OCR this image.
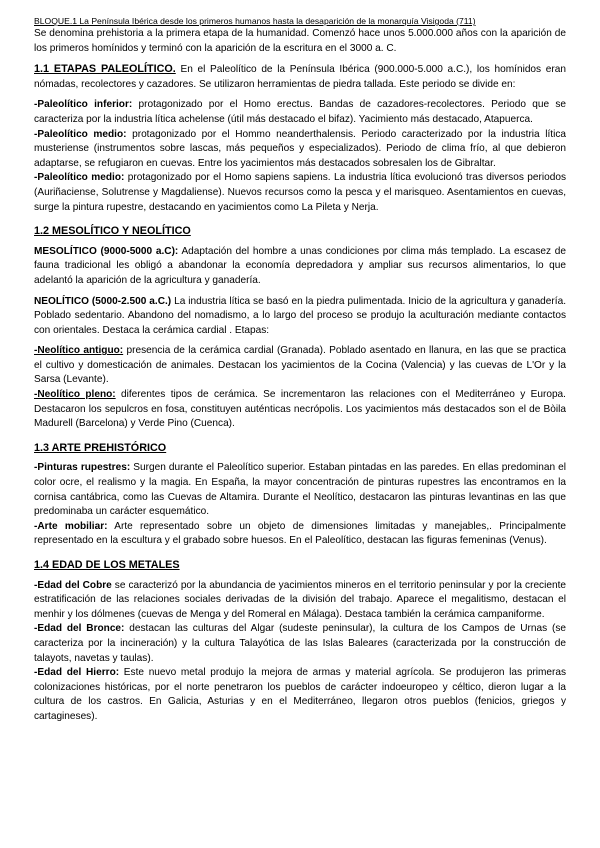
BLOQUE.1 La Península Ibérica desde los primeros humanos hasta la desaparición de la monarquía Visigoda (711)

Se denomina prehistoria a la primera etapa de la humanidad. Comenzó hace unos 5.000.000 años con la aparición de los primeros homínidos y terminó con la aparición de la escritura en el 3000 a. C.

1.1 ETAPAS PALEOLÍTICO. En el Paleolítico de la Península Ibérica (900.000-5.000 a.C.), los homínidos eran nómadas, recolectores y cazadores. Se utilizaron herramientas de piedra tallada. Este periodo se divide en:

-Paleolítico inferior: protagonizado por el Homo erectus. Bandas de cazadores-recolectores. Periodo que se caracteriza por la industria lítica achelense (útil más destacado el bifaz). Yacimiento más destacado, Atapuerca.

-Paleolítico medio: protagonizado por el Hommo neanderthalensis. Periodo caracterizado por la industria lítica musteriense (instrumentos sobre lascas, más pequeños y especializados). Periodo de clima frío, al que debieron adaptarse, se refugiaron en cuevas. Entre los yacimientos más destacados sobresalen los de Gibraltar.

-Paleolítico medio: protagonizado por el Homo sapiens sapiens. La industria lítica evolucionó tras diversos periodos (Auriñaciense, Solutrense y Magdaliense). Nuevos recursos como la pesca y el marisqueo. Asentamientos en cuevas, surge la pintura rupestre, destacando en yacimientos como La Pileta y Nerja.

1.2 MESOLÍTICO Y NEOLÍTICO

MESOLÍTICO (9000-5000 a.C): Adaptación del hombre a unas condiciones por clima más templado. La escasez de fauna tradicional les obligó a abandonar la economía depredadora y ampliar sus recursos alimentarios, lo que adelantó la aparición de la agricultura y ganadería.

NEOLÍTICO (5000-2.500 a.C.) La industria lítica se basó en la piedra pulimentada. Inicio de la agricultura y ganadería. Poblado sedentario. Abandono del nomadismo, a lo largo del proceso se produjo la aculturación mediante contactos con orientales. Destaca la cerámica cardial . Etapas:

-Neolítico antiguo: presencia de la cerámica cardial (Granada). Poblado asentado en llanura, en las que se practica el cultivo y domesticación de animales. Destacan los yacimientos de la Cocina (Valencia) y las cuevas de L'Or y la Sarsa (Levante).

-Neolítico pleno: diferentes tipos de cerámica. Se incrementaron las relaciones con el Mediterráneo y Europa. Destacaron los sepulcros en fosa, constituyen auténticas necrópolis. Los yacimientos más destacados son el de Bòila Madurell (Barcelona) y Verde Pino (Cuenca).

1.3 ARTE PREHISTÓRICO

-Pinturas rupestres: Surgen durante el Paleolítico superior. Estaban pintadas en las paredes. En ellas predominan el color ocre, el realismo y la magia. En España, la mayor concentración de pinturas rupestres las encontramos en la cornisa cantábrica, como las Cuevas de Altamira. Durante el Neolítico, destacaron las pinturas levantinas en las que predominaba un carácter esquemático.

-Arte mobiliar: Arte representado sobre un objeto de dimensiones limitadas y manejables,. Principalmente representado en la escultura y el grabado sobre huesos. En el Paleolítico, destacan las figuras femeninas (Venus).

1.4 EDAD DE LOS METALES

-Edad del Cobre se caracterizó por la abundancia de yacimientos mineros en el territorio peninsular y por la creciente estratificación de las relaciones sociales derivadas de la división del trabajo. Aparece el megalitismo, destacan el menhir y los dólmenes (cuevas de Menga y del Romeral en Málaga). Destaca también la cerámica campaniforme.

-Edad del Bronce: destacan las culturas del Algar (sudeste peninsular), la cultura de los Campos de Urnas (se caracteriza por la incineración) y la cultura Talayótica de las Islas Baleares (caracterizada por la construcción de talayots, navetas y taulas).

-Edad del Hierro: Este nuevo metal produjo la mejora de armas y material agrícola. Se produjeron las primeras colonizaciones históricas, por el norte penetraron los pueblos de carácter indoeuropeo y céltico, dieron lugar a la cultura de los castros. En Galicia, Asturias y en el Mediterráneo, llegaron otros pueblos (fenicios, griegos y cartagineses).
